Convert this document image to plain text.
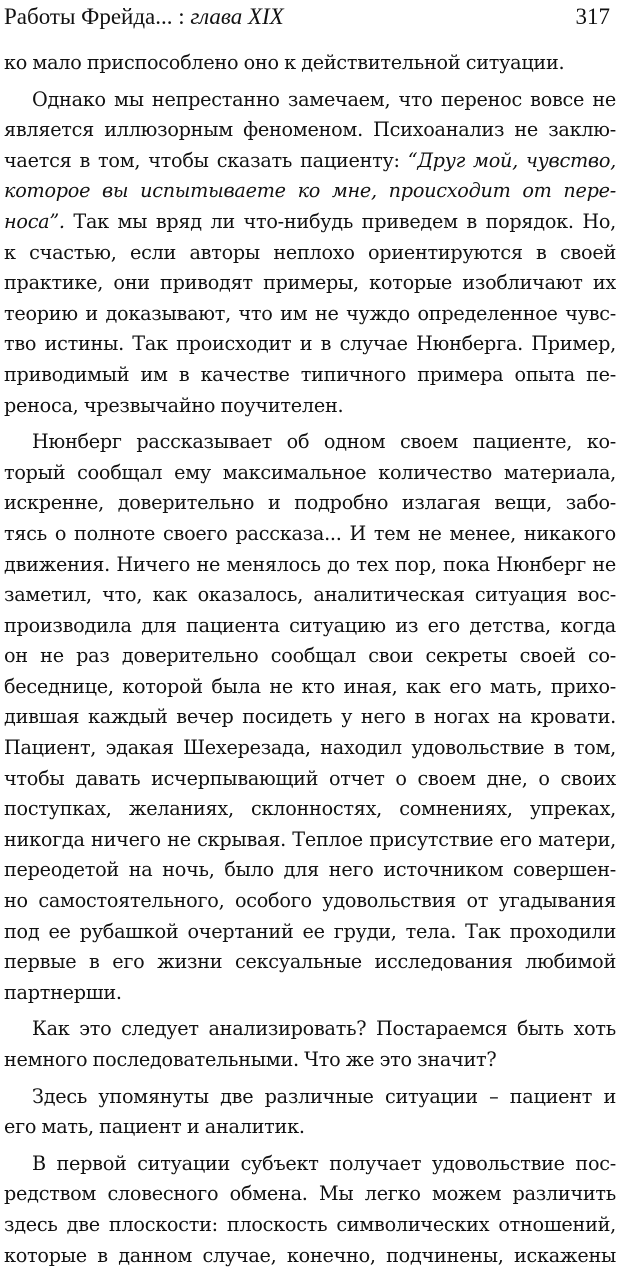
Работы Фрейда... : глава XIX	317

ко мало приспособлено оно к действительной ситуации.

Однако мы непрестанно замечаем, что перенос вовсе не
является иллюзорным феноменом. Психоанализ не заклю-
чается в том, чтобы сказать пациенту: “Друг мой, чувство,
которое вы испытываете ко мне, происходит от пере-
носа”. Так мы вряд ли что-нибудь приведем в порядок. Но,
к счастью, если авторы неплохо ориентируются в своей
практике, они приводят примеры, которые изобличают их
теорию и доказывают, что им не чуждо определенное чувс-
тво истины. Так происходит и в случае Нюнберга. Пример,
приводимый им в качестве типичного примера опыта пе-
реноса, чрезвычайно поучителен.

Нюнберг рассказывает об одном своем пациенте, ко-
торый сообщал ему максимальное количество материала,
искренне, доверительно и подробно излагая вещи, забо-
тясь о полноте своего рассказа... И тем не менее, никакого
движения. Ничего не менялось до тех пор, пока Нюнберг не
заметил, что, как оказалось, аналитическая ситуация вос-
производила для пациента ситуацию из его детства, когда
он не раз доверительно сообщал свои секреты своей со-
беседнице, которой была не кто иная, как его мать, прихо-
дившая каждый вечер посидеть у него в ногах на кровати.
Пациент, эдакая Шехерезада, находил удовольствие в том,
чтобы давать исчерпывающий отчет о своем дне, о своих
поступках, желаниях, склонностях, сомнениях, упреках,
никогда ничего не скрывая. Теплое присутствие его матери,
переодетой на ночь, было для него источником совершен-
но самостоятельного, особого удовольствия от угадывания
под ее рубашкой очертаний ее груди, тела. Так проходили
первые в его жизни сексуальные исследования любимой
партнерши.

Как это следует анализировать? Постараемся быть хоть
немного последовательными. Что же это значит?

Здесь упомянуты две различные ситуации – пациент и
его мать, пациент и аналитик.

В первой ситуации субъект получает удовольствие пос-
редством словесного обмена. Мы легко можем различить
здесь две плоскости: плоскость символических отношений,
которые в данном случае, конечно, подчинены, искажены
